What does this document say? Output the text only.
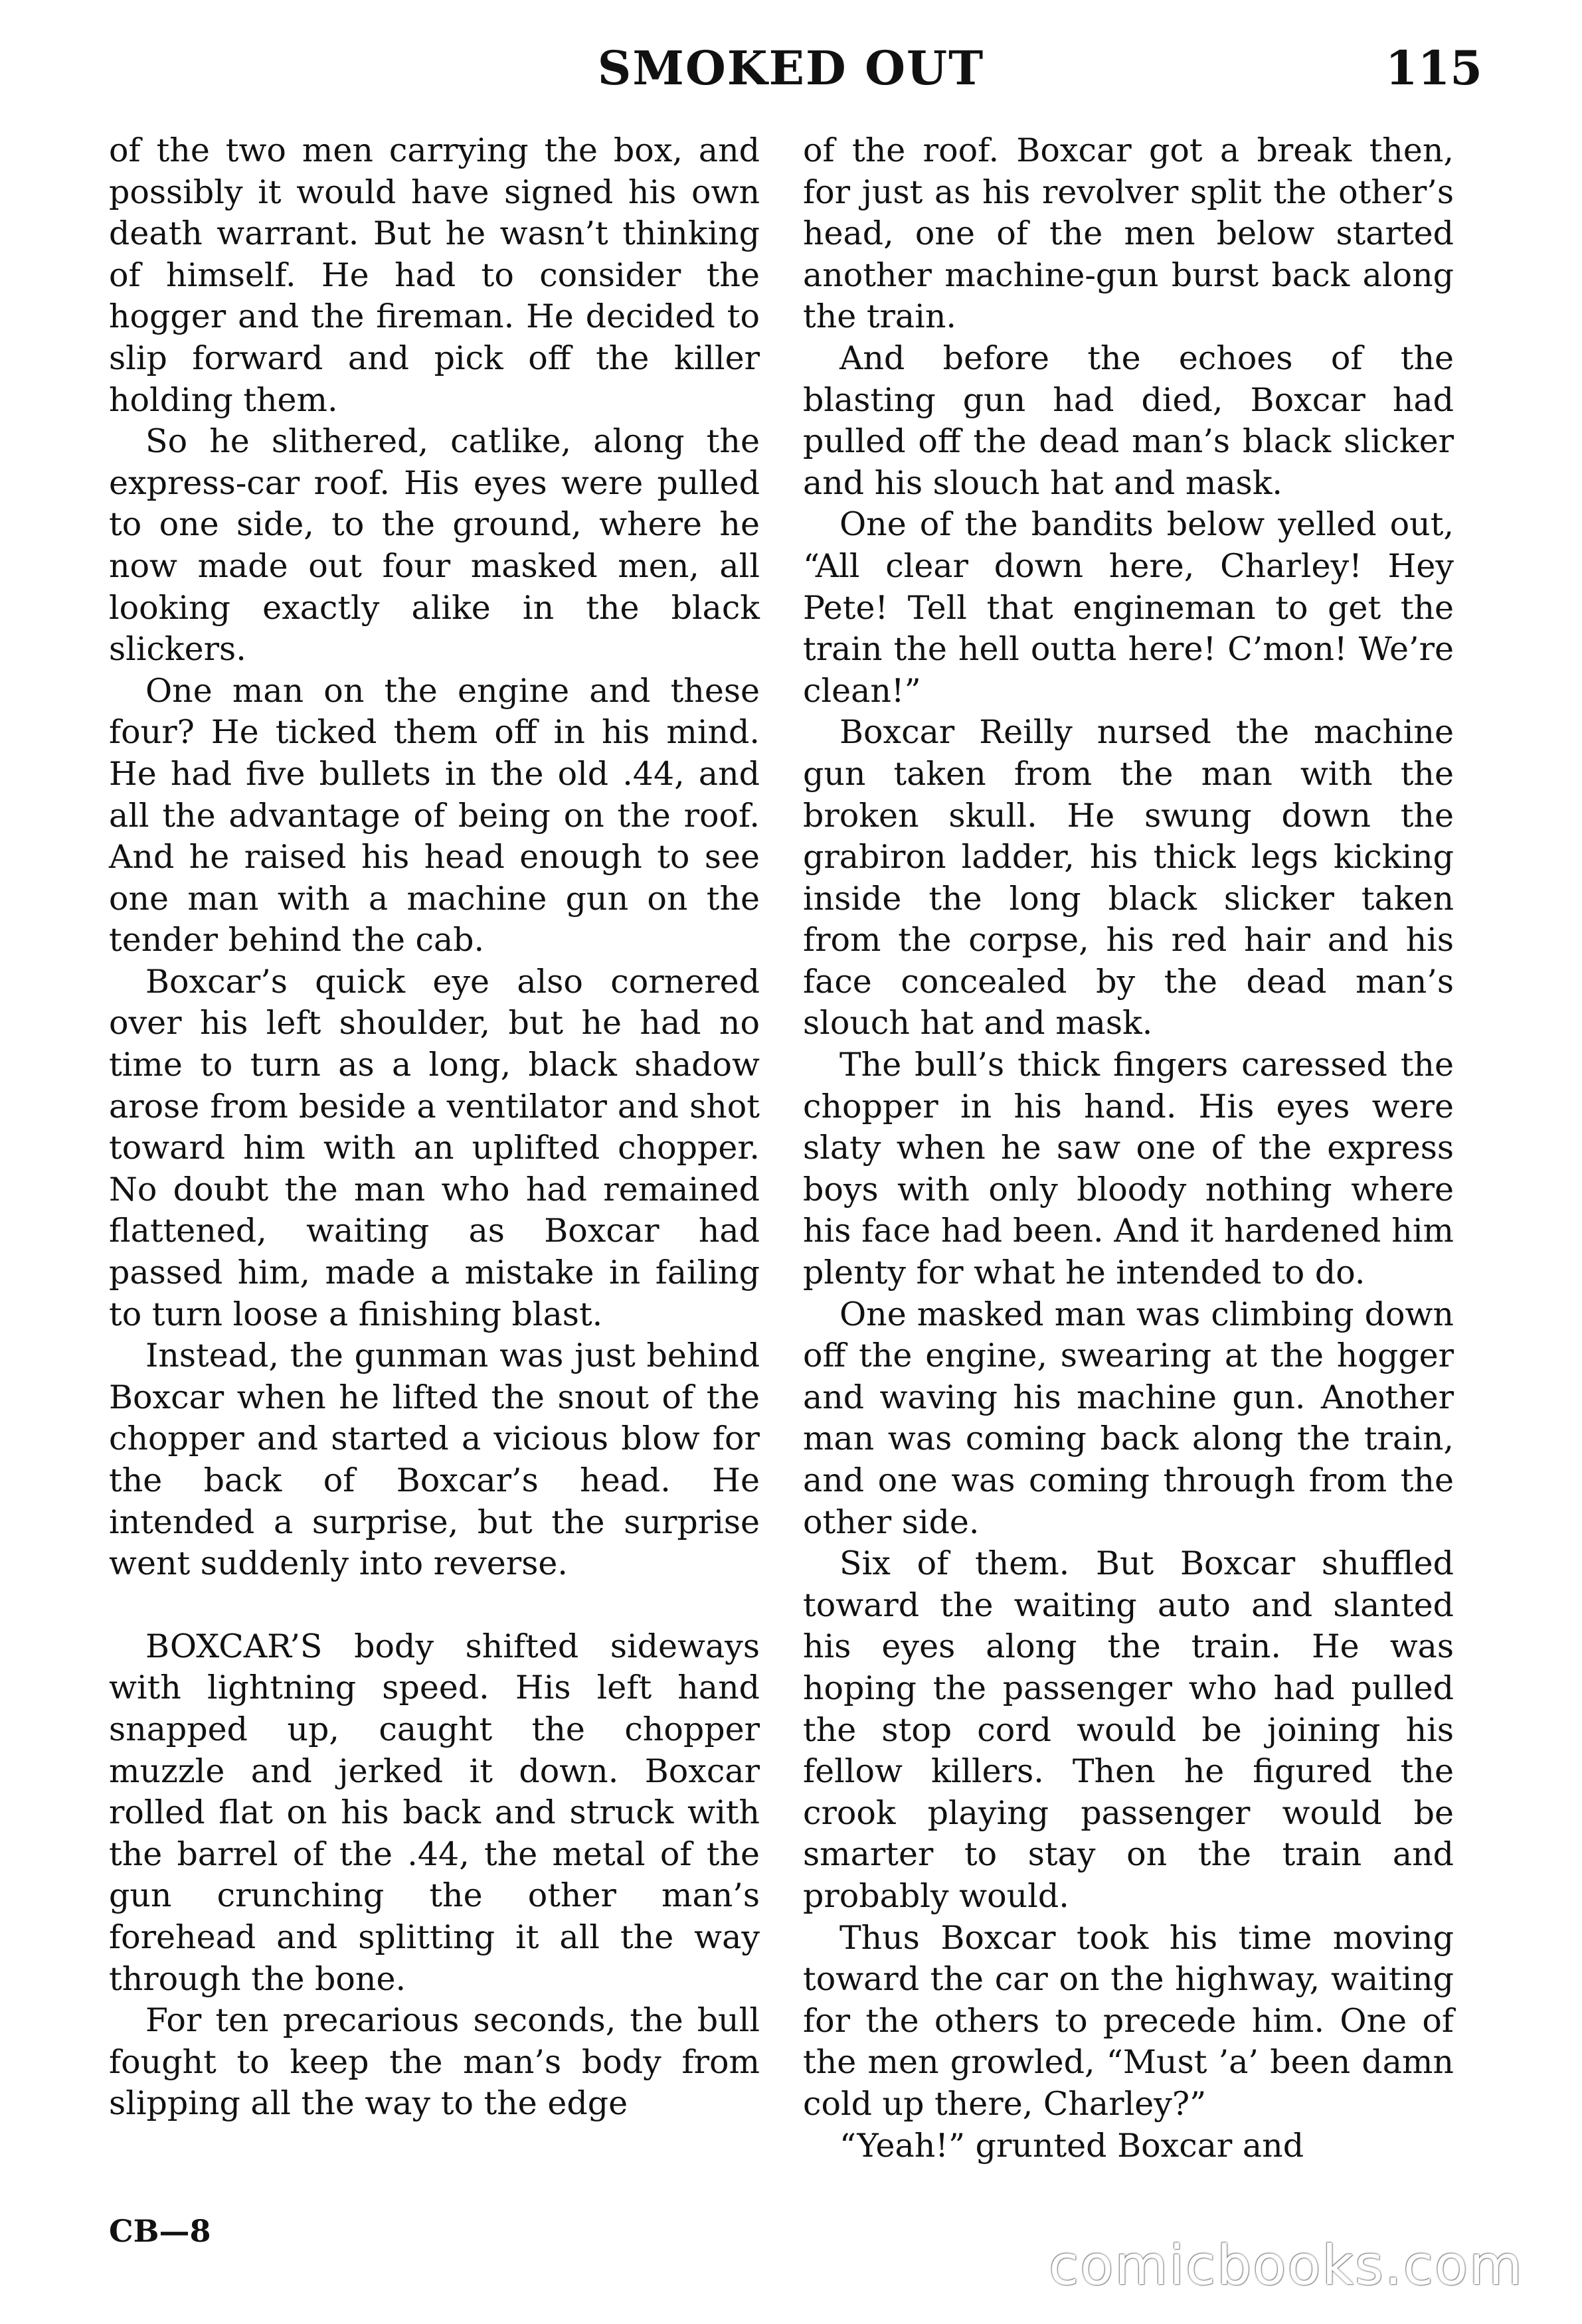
SMOKED OUT	115

of the two men carrying the box, and possibly it would have signed his own death warrant. But he wasn’t thinking of himself. He had to consider the hogger and the fireman. He decided to slip forward and pick off the killer holding them.

So he slithered, catlike, along the express-car roof. His eyes were pulled to one side, to the ground, where he now made out four masked men, all looking exactly alike in the black slickers.

One man on the engine and these four? He ticked them off in his mind. He had five bullets in the old .44, and all the advantage of being on the roof. And he raised his head enough to see one man with a machine gun on the tender behind the cab.

Boxcar’s quick eye also cornered over his left shoulder, but he had no time to turn as a long, black shadow arose from beside a ventilator and shot toward him with an uplifted chopper. No doubt the man who had remained flattened, waiting as Boxcar had passed him, made a mistake in failing to turn loose a finishing blast.

Instead, the gunman was just behind Boxcar when he lifted the snout of the chopper and started a vicious blow for the back of Boxcar’s head. He intended a surprise, but the surprise went suddenly into reverse.

BOXCAR’S body shifted sideways with lightning speed. His left hand snapped up, caught the chopper muzzle and jerked it down. Boxcar rolled flat on his back and struck with the barrel of the .44, the metal of the gun crunching the other man’s forehead and splitting it all the way through the bone.

For ten precarious seconds, the bull fought to keep the man’s body from slipping all the way to the edge

of the roof. Boxcar got a break then, for just as his revolver split the other’s head, one of the men below started another machine-gun burst back along the train.

And before the echoes of the blasting gun had died, Boxcar had pulled off the dead man’s black slicker and his slouch hat and mask.

One of the bandits below yelled out, “All clear down here, Charley! Hey Pete! Tell that engineman to get the train the hell outta here! C’mon! We’re clean!”

Boxcar Reilly nursed the machine gun taken from the man with the broken skull. He swung down the grabiron ladder, his thick legs kicking inside the long black slicker taken from the corpse, his red hair and his face concealed by the dead man’s slouch hat and mask.

The bull’s thick fingers caressed the chopper in his hand. His eyes were slaty when he saw one of the express boys with only bloody nothing where his face had been. And it hardened him plenty for what he intended to do.

One masked man was climbing down off the engine, swearing at the hogger and waving his machine gun. Another man was coming back along the train, and one was coming through from the other side.

Six of them. But Boxcar shuffled toward the waiting auto and slanted his eyes along the train. He was hoping the passenger who had pulled the stop cord would be joining his fellow killers. Then he figured the crook playing passenger would be smarter to stay on the train and probably would.

Thus Boxcar took his time moving toward the car on the highway, waiting for the others to precede him. One of the men growled, “Must ’a’ been damn cold up there, Charley?”

“Yeah!” grunted Boxcar and

CB—8
comicbooks.com
